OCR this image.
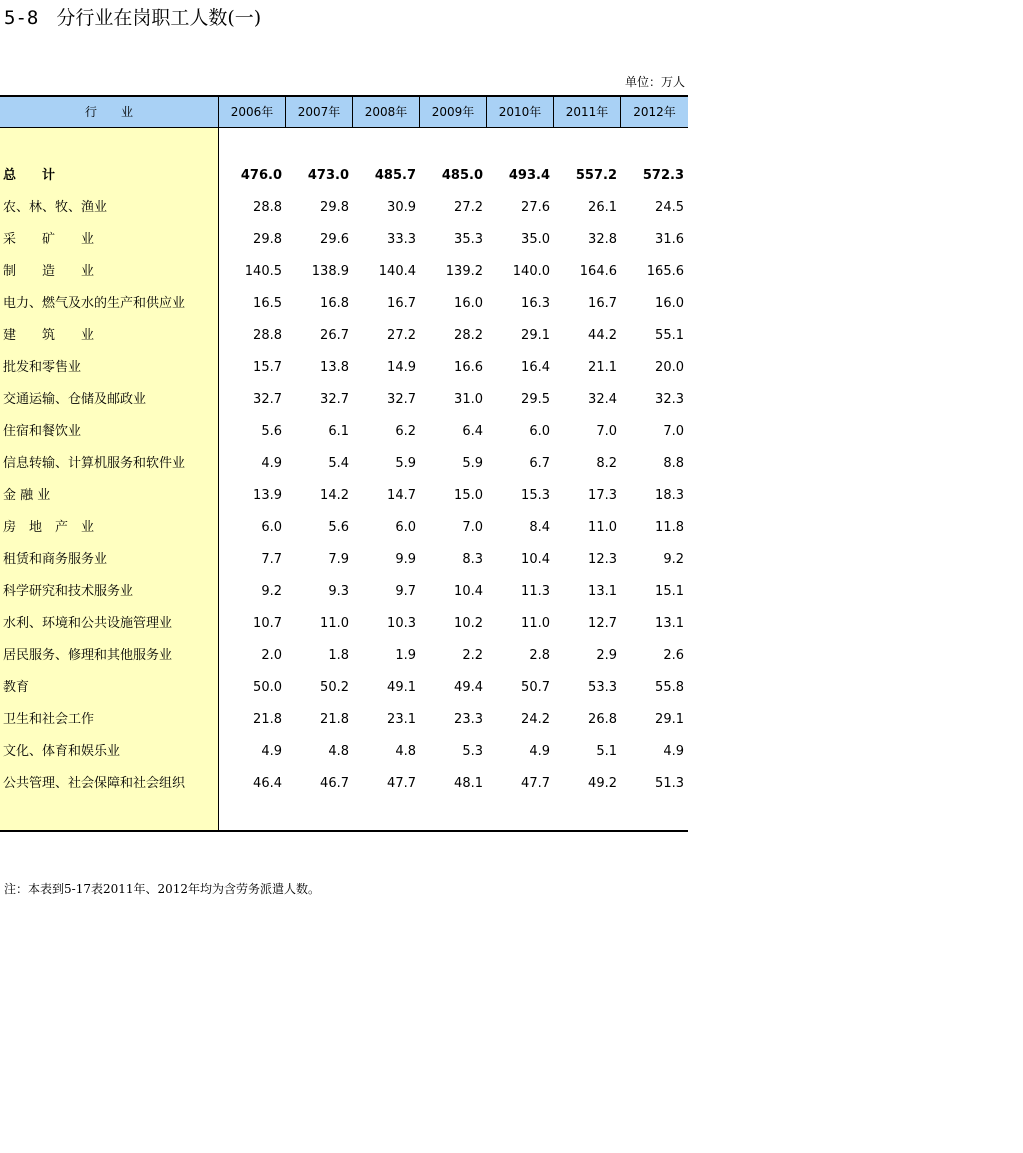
5-8 分行业在岗职工人数(一)
单位：万人
行　　业	2006年	2007年	2008年	2009年	2010年	2011年	2012年
总　　计	476.0	473.0	485.7	485.0	493.4	557.2	572.3
农、林、牧、渔业	28.8	29.8	30.9	27.2	27.6	26.1	24.5
采　　矿　　业	29.8	29.6	33.3	35.3	35.0	32.8	31.6
制　　造　　业	140.5	138.9	140.4	139.2	140.0	164.6	165.6
电力、燃气及水的生产和供应业	16.5	16.8	16.7	16.0	16.3	16.7	16.0
建　　筑　　业	28.8	26.7	27.2	28.2	29.1	44.2	55.1
批发和零售业	15.7	13.8	14.9	16.6	16.4	21.1	20.0
交通运输、仓储及邮政业	32.7	32.7	32.7	31.0	29.5	32.4	32.3
住宿和餐饮业	5.6	6.1	6.2	6.4	6.0	7.0	7.0
信息转输、计算机服务和软件业	4.9	5.4	5.9	5.9	6.7	8.2	8.8
金 融 业	13.9	14.2	14.7	15.0	15.3	17.3	18.3
房　地　产　业	6.0	5.6	6.0	7.0	8.4	11.0	11.8
租赁和商务服务业	7.7	7.9	9.9	8.3	10.4	12.3	9.2
科学研究和技术服务业	9.2	9.3	9.7	10.4	11.3	13.1	15.1
水利、环境和公共设施管理业	10.7	11.0	10.3	10.2	11.0	12.7	13.1
居民服务、修理和其他服务业	2.0	1.8	1.9	2.2	2.8	2.9	2.6
教育	50.0	50.2	49.1	49.4	50.7	53.3	55.8
卫生和社会工作	21.8	21.8	23.1	23.3	24.2	26.8	29.1
文化、体育和娱乐业	4.9	4.8	4.8	5.3	4.9	5.1	4.9
公共管理、社会保障和社会组织	46.4	46.7	47.7	48.1	47.7	49.2	51.3
注：本表到5-17表2011年、2012年均为含劳务派遣人数。
